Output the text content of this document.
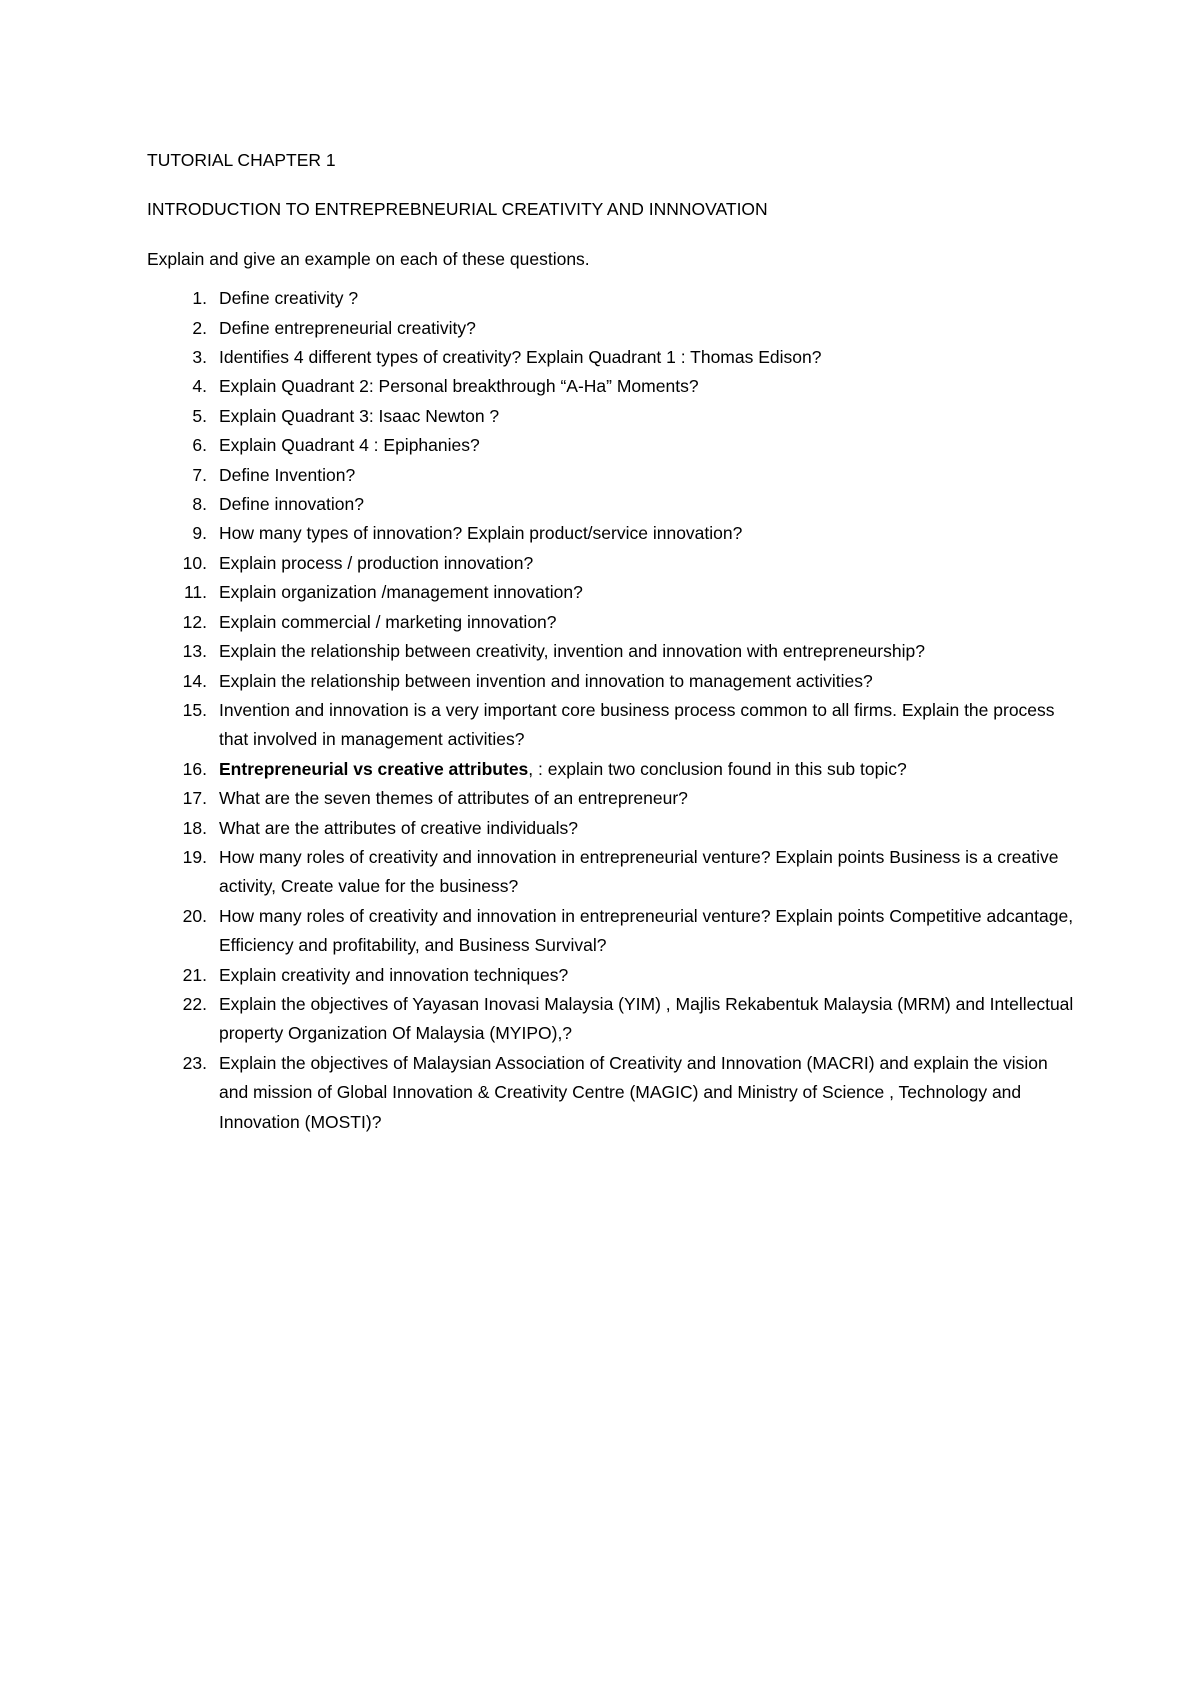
TUTORIAL CHAPTER 1
INTRODUCTION TO ENTREPREBNEURIAL CREATIVITY AND INNNOVATION
Explain and give an example on each of these questions.
1. Define creativity ?
2. Define entrepreneurial creativity?
3. Identifies 4 different types of creativity? Explain Quadrant 1 : Thomas Edison?
4. Explain Quadrant 2: Personal breakthrough “A-Ha” Moments?
5. Explain Quadrant 3: Isaac Newton ?
6. Explain Quadrant 4 : Epiphanies?
7. Define Invention?
8. Define innovation?
9. How many types of innovation? Explain product/service innovation?
10. Explain process / production innovation?
11. Explain organization /management innovation?
12. Explain commercial / marketing innovation?
13. Explain the relationship between creativity, invention and innovation with entrepreneurship?
14. Explain the relationship between invention and innovation to management activities?
15. Invention and innovation is a very important core business process common to all firms. Explain the process that involved in management activities?
16. Entrepreneurial vs creative attributes, : explain two conclusion found in this sub topic?
17. What are the seven themes of attributes of an entrepreneur?
18. What are the attributes of creative individuals?
19. How many roles of creativity and innovation in entrepreneurial venture? Explain points Business is a creative activity, Create value for the business?
20. How many roles of creativity and innovation in entrepreneurial venture? Explain points Competitive adcantage, Efficiency and profitability, and Business Survival?
21. Explain creativity and innovation techniques?
22. Explain the objectives of Yayasan Inovasi Malaysia (YIM) , Majlis Rekabentuk Malaysia (MRM) and Intellectual property Organization Of Malaysia (MYIPO),?
23. Explain the objectives of Malaysian Association of Creativity and Innovation (MACRI) and explain the vision and mission of Global Innovation & Creativity Centre (MAGIC) and Ministry of Science , Technology and Innovation (MOSTI)?
